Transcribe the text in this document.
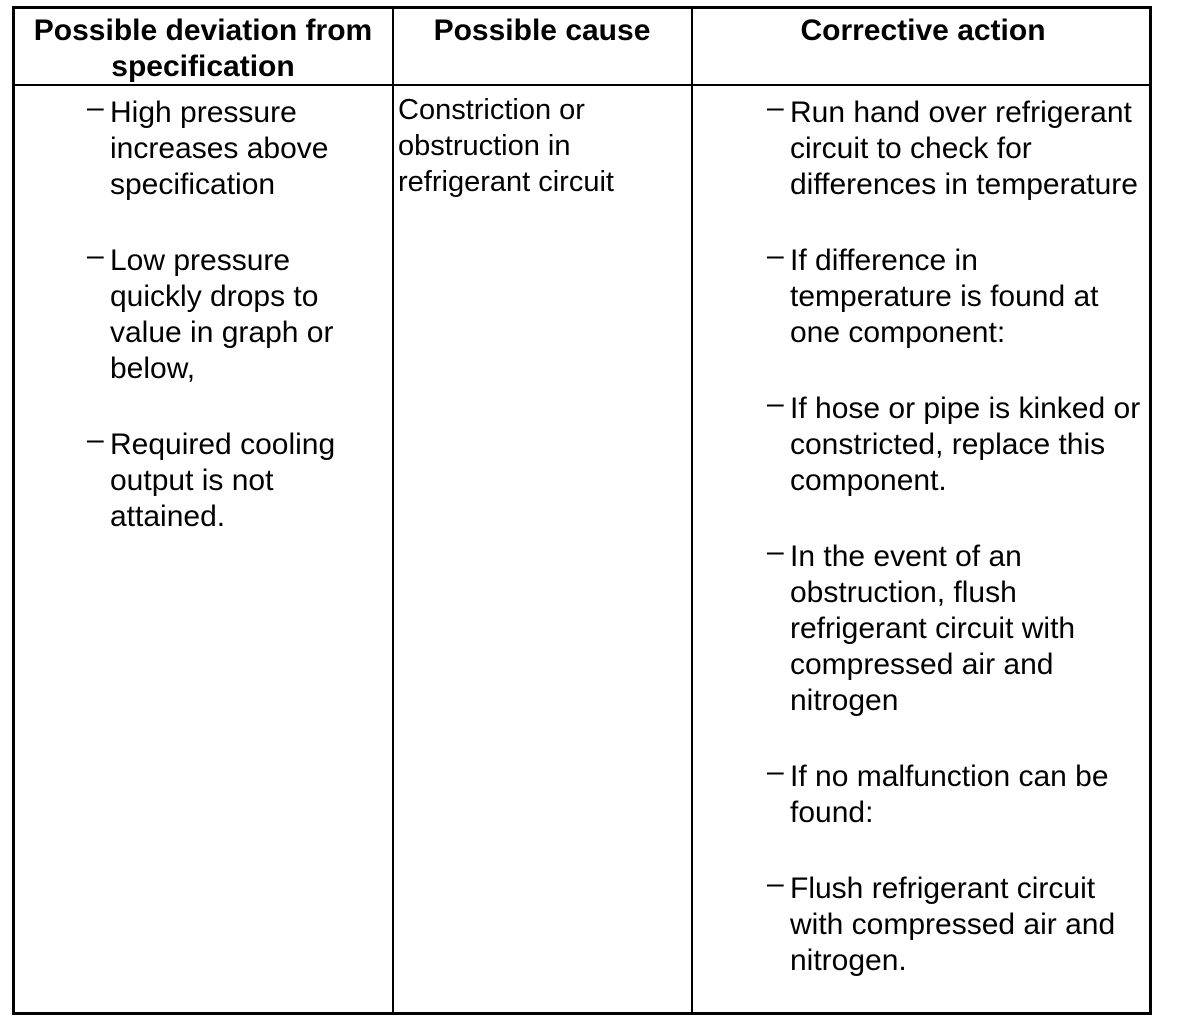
Possible deviation from specification
Possible cause	Corrective action
– High pressure increases above specification
– Low pressure quickly drops to value in graph or below,
– Required cooling output is not attained.
Constriction or obstruction in refrigerant circuit
– Run hand over refrigerant circuit to check for differences in temperature
– If difference in temperature is found at one component:
– If hose or pipe is kinked or constricted, replace this component.
– In the event of an obstruction, flush refrigerant circuit with compressed air and nitrogen
– If no malfunction can be found:
– Flush refrigerant circuit with compressed air and nitrogen.
